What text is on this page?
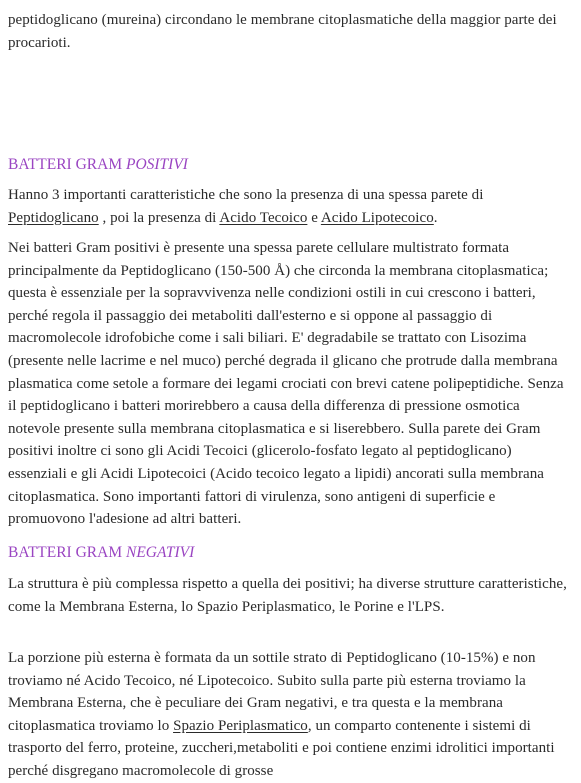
peptidoglicano (mureina) circondano le membrane citoplasmatiche della maggior parte dei procarioti.

BATTERI GRAM POSITIVI

Hanno 3 importanti caratteristiche che sono la presenza di una spessa parete di Peptidoglicano , poi la presenza di Acido Tecoico e Acido Lipotecoico.

Nei batteri Gram positivi è presente una spessa parete cellulare multistrato formata principalmente da Peptidoglicano (150-500 Å) che circonda la membrana citoplasmatica; questa è essenziale per la sopravvivenza nelle condizioni ostili in cui crescono i batteri, perché regola il passaggio dei metaboliti dall'esterno e si oppone al passaggio di macromolecole idrofobiche come i sali biliari. E' degradabile se trattato con Lisozima (presente nelle lacrime e nel muco) perché degrada il glicano che protrude dalla membrana plasmatica come setole a formare dei legami crociati con brevi catene polipeptidiche. Senza il peptidoglicano i batteri morirebbero a causa della differenza di pressione osmotica notevole presente sulla membrana citoplasmatica e si liserebbero. Sulla parete dei Gram positivi inoltre ci sono gli Acidi Tecoici (glicerolo-fosfato legato al peptidoglicano) essenziali e gli Acidi Lipotecoici (Acido tecoico legato a lipidi) ancorati sulla membrana citoplasmatica. Sono importanti fattori di virulenza, sono antigeni di superficie e promuovono l'adesione ad altri batteri.

BATTERI GRAM NEGATIVI

La struttura è più complessa rispetto a quella dei positivi; ha diverse strutture caratteristiche, come la Membrana Esterna, lo Spazio Periplasmatico, le Porine e l'LPS.

La porzione più esterna è formata da un sottile strato di Peptidoglicano (10-15%) e non troviamo né Acido Tecoico, né Lipotecoico. Subito sulla parte più esterna troviamo la Membrana Esterna, che è peculiare dei Gram negativi, e tra questa e la membrana citoplasmatica troviamo lo Spazio Periplasmatico, un comparto contenente i sistemi di trasporto del ferro, proteine, zuccheri,metaboliti e poi contiene enzimi idrolitici importanti perché disgregano macromolecole di grosse
